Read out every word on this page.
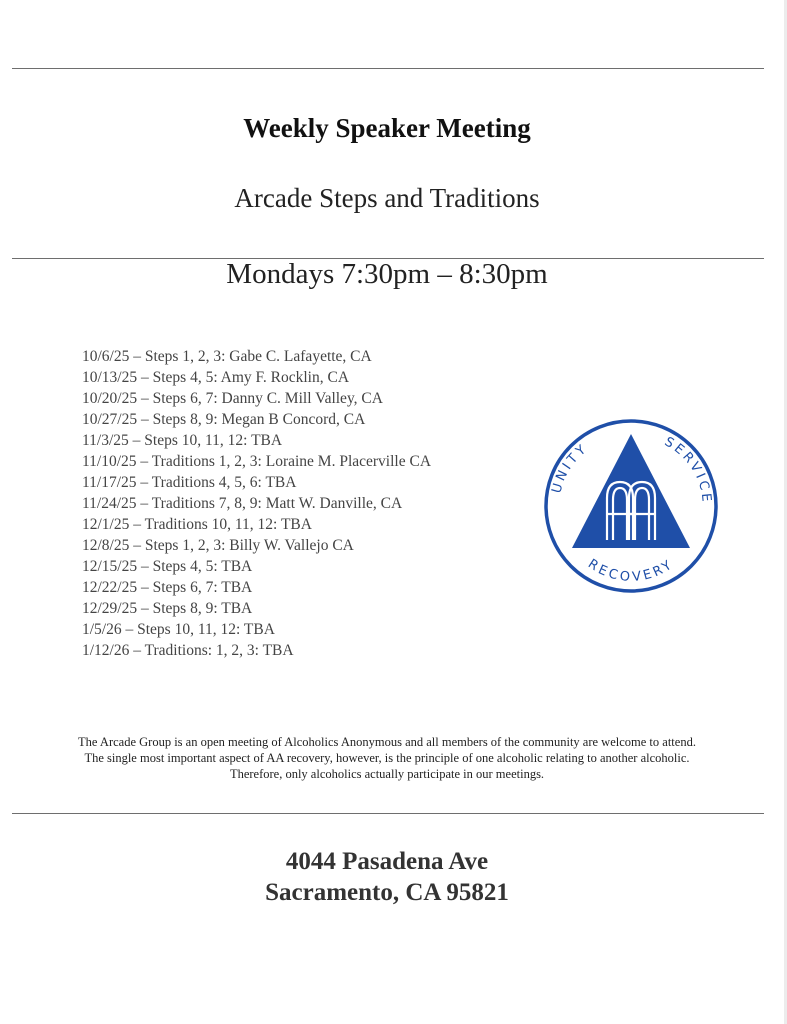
Weekly Speaker Meeting
Arcade Steps and Traditions
Mondays 7:30pm – 8:30pm
10/6/25 – Steps 1, 2, 3: Gabe C. Lafayette, CA
10/13/25 – Steps 4, 5: Amy F. Rocklin, CA
10/20/25 – Steps 6, 7: Danny C. Mill Valley, CA
10/27/25 – Steps 8, 9: Megan B Concord, CA
11/3/25 – Steps 10, 11, 12: TBA
11/10/25 – Traditions 1, 2, 3: Loraine M. Placerville CA
11/17/25 – Traditions 4, 5, 6: TBA
11/24/25 – Traditions 7, 8, 9: Matt W. Danville, CA
12/1/25 – Traditions 10, 11, 12: TBA
12/8/25 – Steps 1, 2, 3: Billy W. Vallejo CA
12/15/25 – Steps 4, 5: TBA
12/22/25 – Steps 6, 7: TBA
12/29/25 – Steps 8, 9: TBA
1/5/26 – Steps 10, 11, 12: TBA
1/12/26 – Traditions: 1, 2, 3: TBA
UNITY	SERVICE
RECOVERY
The Arcade Group is an open meeting of Alcoholics Anonymous and all members of the community are welcome to attend.
The single most important aspect of AA recovery, however, is the principle of one alcoholic relating to another alcoholic.
Therefore, only alcoholics actually participate in our meetings.
4044 Pasadena Ave
Sacramento, CA 95821
